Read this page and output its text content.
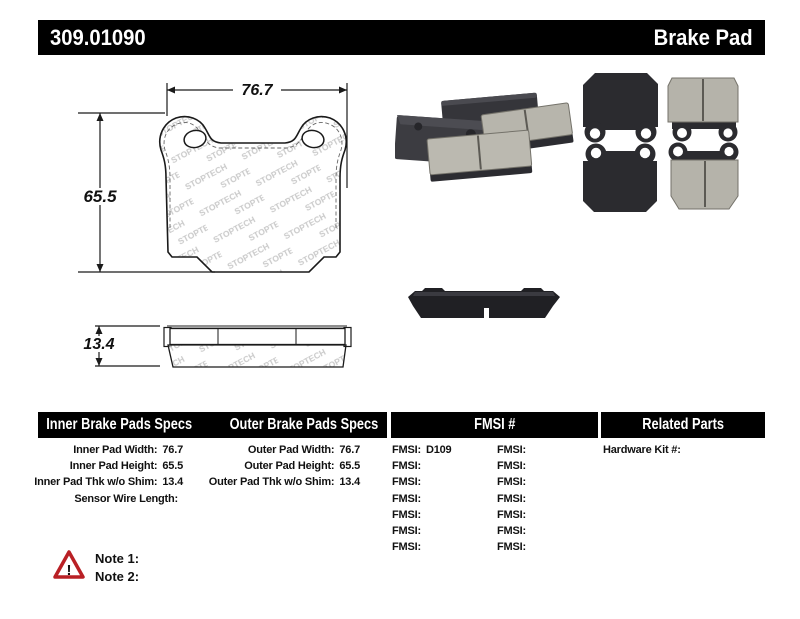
309.01090	Brake Pad
76.7
65.5
13.4
Inner Brake Pads Specs Outer Brake Pads Specs	FMSI #	Related Parts
Inner Pad Width: 76.7
Inner Pad Height: 65.5
Inner Pad Thk w/o Shim: 13.4
Sensor Wire Length:
Outer Pad Width: 76.7
Outer Pad Height: 65.5
Outer Pad Thk w/o Shim: 13.4
FMSI: D109
FMSI:
FMSI:
FMSI:
FMSI:
FMSI:
FMSI:
FMSI:
FMSI:
FMSI:
FMSI:
FMSI:
FMSI:
FMSI:
Hardware Kit #:
!
Note 1:
Note 2:
